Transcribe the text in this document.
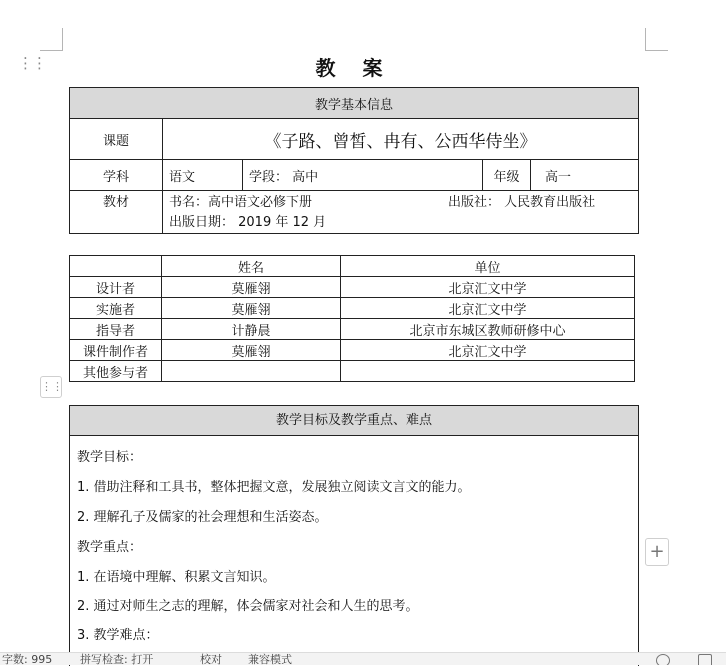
⋮⋮	教 案
教学基本信息				
课题	《子路、曾皙、冉有、公西华侍坐》			
学科	语文	学段： 高中	年级	高一
教材	书名：高中语文必修下册 出版社： 人民教育出版社
出版日期： 2019 年 12 月			
	姓名	单位
设计者	莫雁翎	北京汇文中学
实施者	莫雁翎	北京汇文中学
指导者	计静晨	北京市东城区教师研修中心
课件制作者	莫雁翎	北京汇文中学
其他参与者		
⋮⋮
教学目标及教学重点、难点
教学目标：
1. 借助注释和工具书，整体把握文意，发展独立阅读文言文的能力。
2. 理解孔子及儒家的社会理想和生活姿态。
教学重点：
1. 在语境中理解、积累文言知识。
2. 通过对师生之志的理解，体会儒家对社会和人生的思考。
3. 教学难点：
+
字数: 995	拼写检查: 打开	校对 兼容模式
